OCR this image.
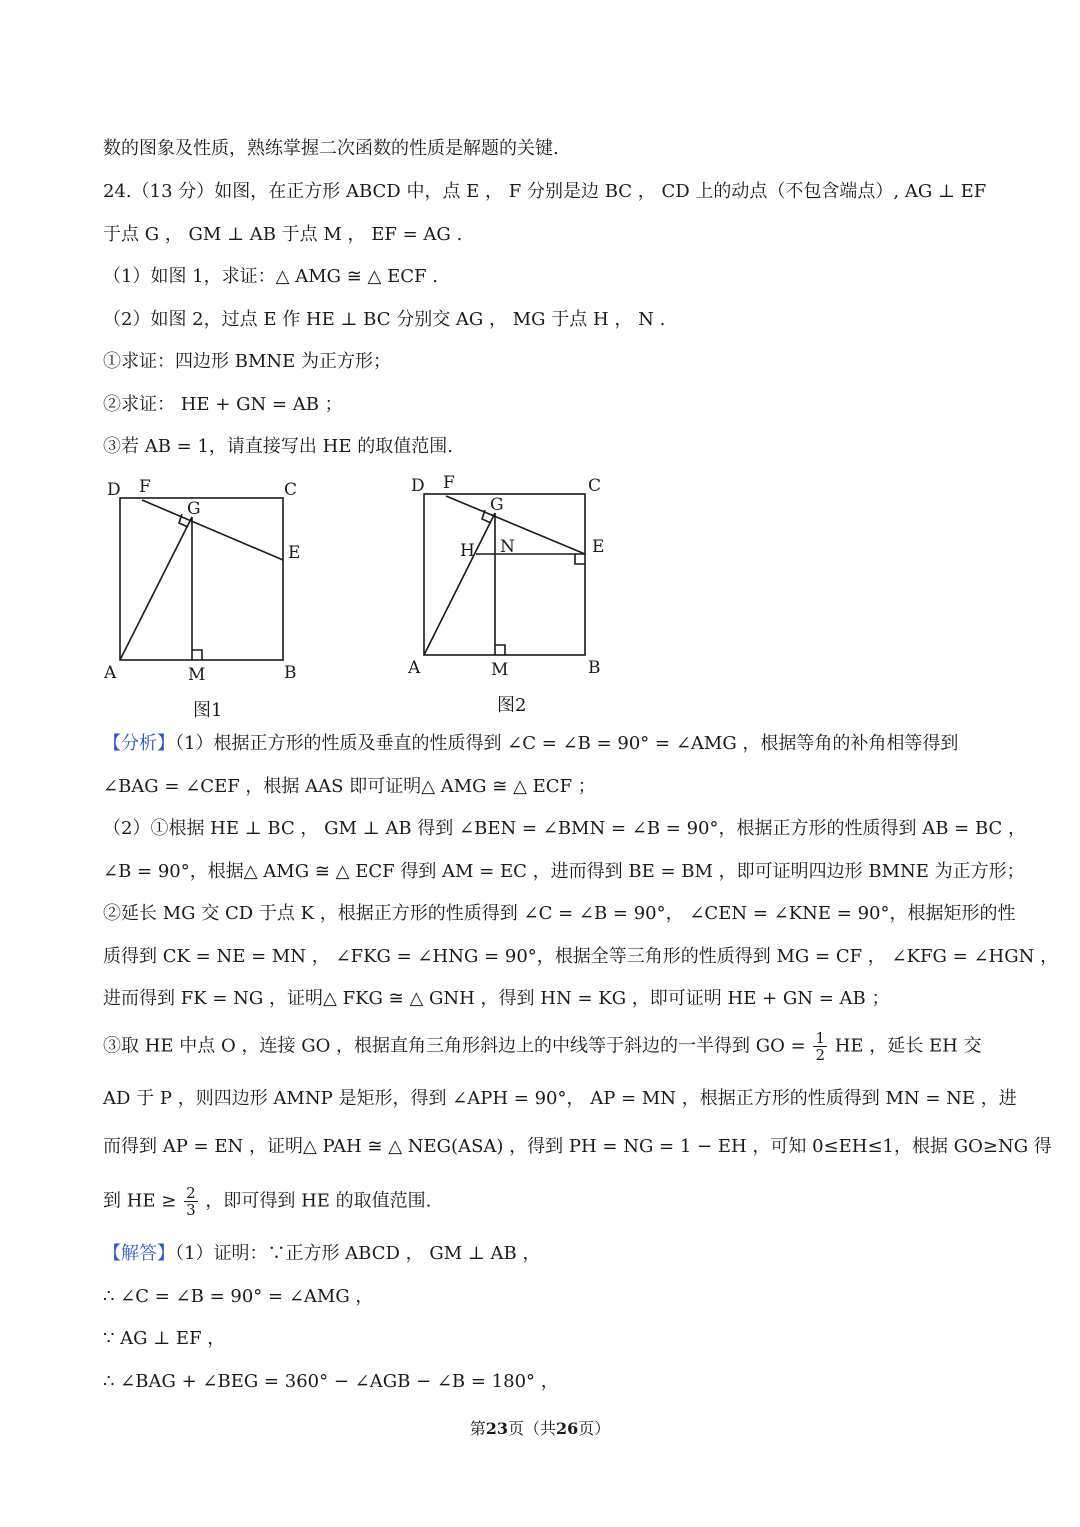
数的图象及性质，熟练掌握二次函数的性质是解题的关键.
24.（13 分）如图，在正方形 ABCD 中，点 E ， F 分别是边 BC ， CD 上的动点（不包含端点）, AG ⊥ EF
于点 G ， GM ⊥ AB 于点 M ， EF = AG .
（1）如图 1，求证：△ AMG ≅ △ ECF .
（2）如图 2，过点 E 作 HE ⊥ BC 分别交 AG ， MG 于点 H ， N .
①求证：四边形 BMNE 为正方形；
②求证： HE + GN = AB ；
③若 AB = 1，请直接写出 HE 的取值范围.
D F
G
C
E
A	M	B
图1
D F
G
C
H N	E
A	M	B
图2
【分析】（1）根据正方形的性质及垂直的性质得到 ∠C = ∠B = 90° = ∠AMG ，根据等角的补角相等得到
∠BAG = ∠CEF ，根据 AAS 即可证明△ AMG ≅ △ ECF ；
（2）①根据 HE ⊥ BC ， GM ⊥ AB 得到 ∠BEN = ∠BMN = ∠B = 90°，根据正方形的性质得到 AB = BC ，
∠B = 90°，根据△ AMG ≅ △ ECF 得到 AM = EC ，进而得到 BE = BM ，即可证明四边形 BMNE 为正方形；
②延长 MG 交 CD 于点 K ，根据正方形的性质得到 ∠C = ∠B = 90°， ∠CEN = ∠KNE = 90°，根据矩形的性
质得到 CK = NE = MN ， ∠FKG = ∠HNG = 90°，根据全等三角形的性质得到 MG = CF ， ∠KFG = ∠HGN ，
进而得到 FK = NG ，证明△ FKG ≅ △ GNH ，得到 HN = KG ，即可证明 HE + GN = AB ；
③取 HE 中点 O ，连接 GO ，根据直角三角形斜边上的中线等于斜边的一半得到 GO = $\frac{1}{2}$ HE ，延长 EH 交
AD 于 P ，则四边形 AMNP 是矩形，得到 ∠APH = 90°， AP = MN ，根据正方形的性质得到 MN = NE ，进
而得到 AP = EN ，证明△ PAH ≅ △ NEG(ASA) ，得到 PH = NG = 1 − EH ，可知 0≤EH≤1，根据 GO≥NG 得
到 HE ≥ $\frac{2}{3}$ ，即可得到 HE 的取值范围.
【解答】（1）证明：∵正方形 ABCD ， GM ⊥ AB ，
∴ ∠C = ∠B = 90° = ∠AMG ，
∵ AG ⊥ EF ，
∴ ∠BAG + ∠BEG = 360° − ∠AGB − ∠B = 180° ，
第23页（共26页）
